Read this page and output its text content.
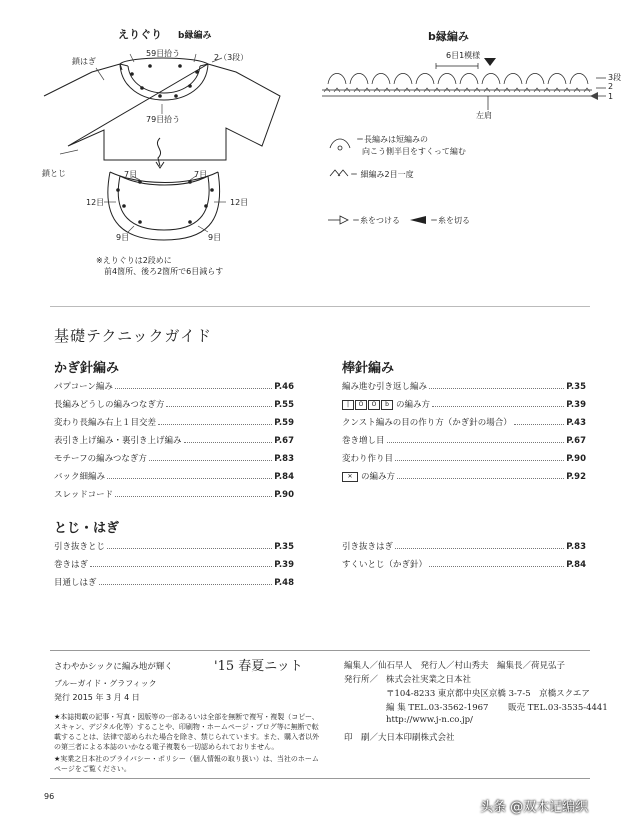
えりぐり b縁編み
59目拾う	2（3段）
79目拾う
鎖はぎ
鎖とじ	7目	7目
12目	12目
9目	9目
※えりぐりは2段めに
前4箇所、後ろ2箇所で6目減らす
b縁編み
6目1模様
3段
2
1
左肩
＝長編みは短編みの
向こう側半目をすくって編む
＝ 細編み2目一度
＝糸をつける	＝糸を切る
基礎テクニックガイド
かぎ針編み
パプコーン編み	P.46
長編みどうしの編みつなぎ方	P.55
変わり長編み右上１目交差	P.59
表引き上げ編み・裏引き上げ編み	P.67
モチーフの編みつなぎ方	P.83
バック細編み	P.84
スレッドコード	P.90
棒針編み
編み進む引き返し編み	P.35
| O O b の編み方	P.39
クンスト編みの目の作り方（かぎ針の場合）	P.43
巻き増し目	P.67
変わり作り目	P.90
✕ の編み方	P.92
とじ・はぎ
引き抜きとじ	P.35
巻きはぎ	P.39
目通しはぎ	P.48
引き抜きはぎ	P.83
すくいとじ（かぎ針）	P.84
さわやかシックに編み地が輝く	'15 春夏ニット
ブルーガイド・グラフィック
発行 2015 年 3 月 4 日
★本誌掲載の記事・写真・図版等の一部あるいは全部を無断で複写・複製（コピー、スキャン、デジタル化等）することや、印刷物・ホームページ・ブログ等に無断で転載することは、法律で認められた場合を除き、禁じられています。また、購入者以外の第三者による本誌のいかなる電子複製も一切認められておりません。
★実業之日本社のプライバシー・ポリシー（個人情報の取り扱い）は、当社のホームページをご覧ください。
編集人／仙石早人　発行人／村山秀夫　編集長／荷見弘子
発行所／ 株式会社実業之日本社
〒104-8233 東京都中央区京橋 3-7-5　京橋スクエア
編 集 TEL.03-3562-1967 販売 TEL.03-3535-4441
http://www.j-n.co.jp/
印　刷／大日本印刷株式会社
96
头条 @双木记编织
